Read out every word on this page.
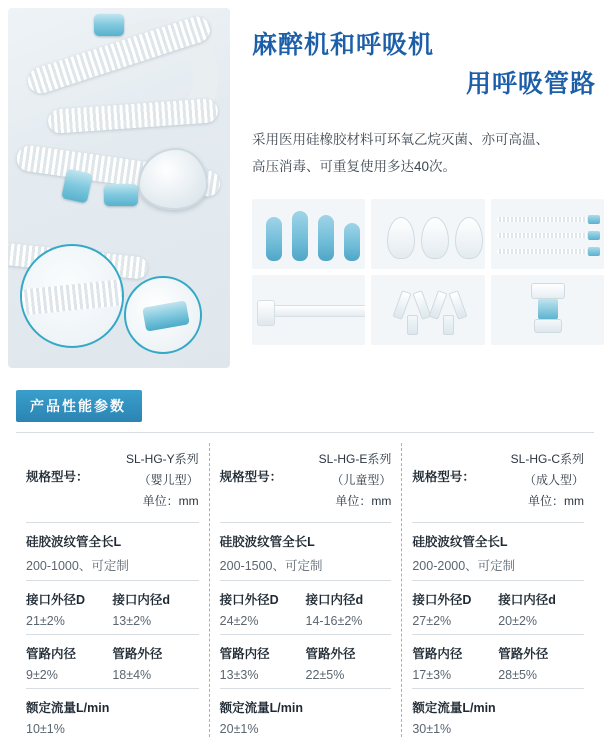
麻醉机和呼吸机
用呼吸管路
采用医用硅橡胶材料可环氧乙烷灭菌、亦可高温、
高压消毒、可重复使用多达40次。
产品性能参数
规格型号：
SL-HG-Y系列
（婴儿型）
单位：mm
硅胶波纹管全长L
200-1000、可定制
接口外径D
21±2%
接口内径d
13±2%
管路内径
9±2%
管路外径
18±4%
额定流量L/min
10±1%
规格型号：
SL-HG-E系列
（儿童型）
单位：mm
硅胶波纹管全长L
200-1500、可定制
接口外径D
24±2%
接口内径d
14-16±2%
管路内径
13±3%
管路外径
22±5%
额定流量L/min
20±1%
规格型号：
SL-HG-C系列
（成人型）
单位：mm
硅胶波纹管全长L
200-2000、可定制
接口外径D
27±2%
接口内径d
20±2%
管路内径
17±3%
管路外径
28±5%
额定流量L/min
30±1%
